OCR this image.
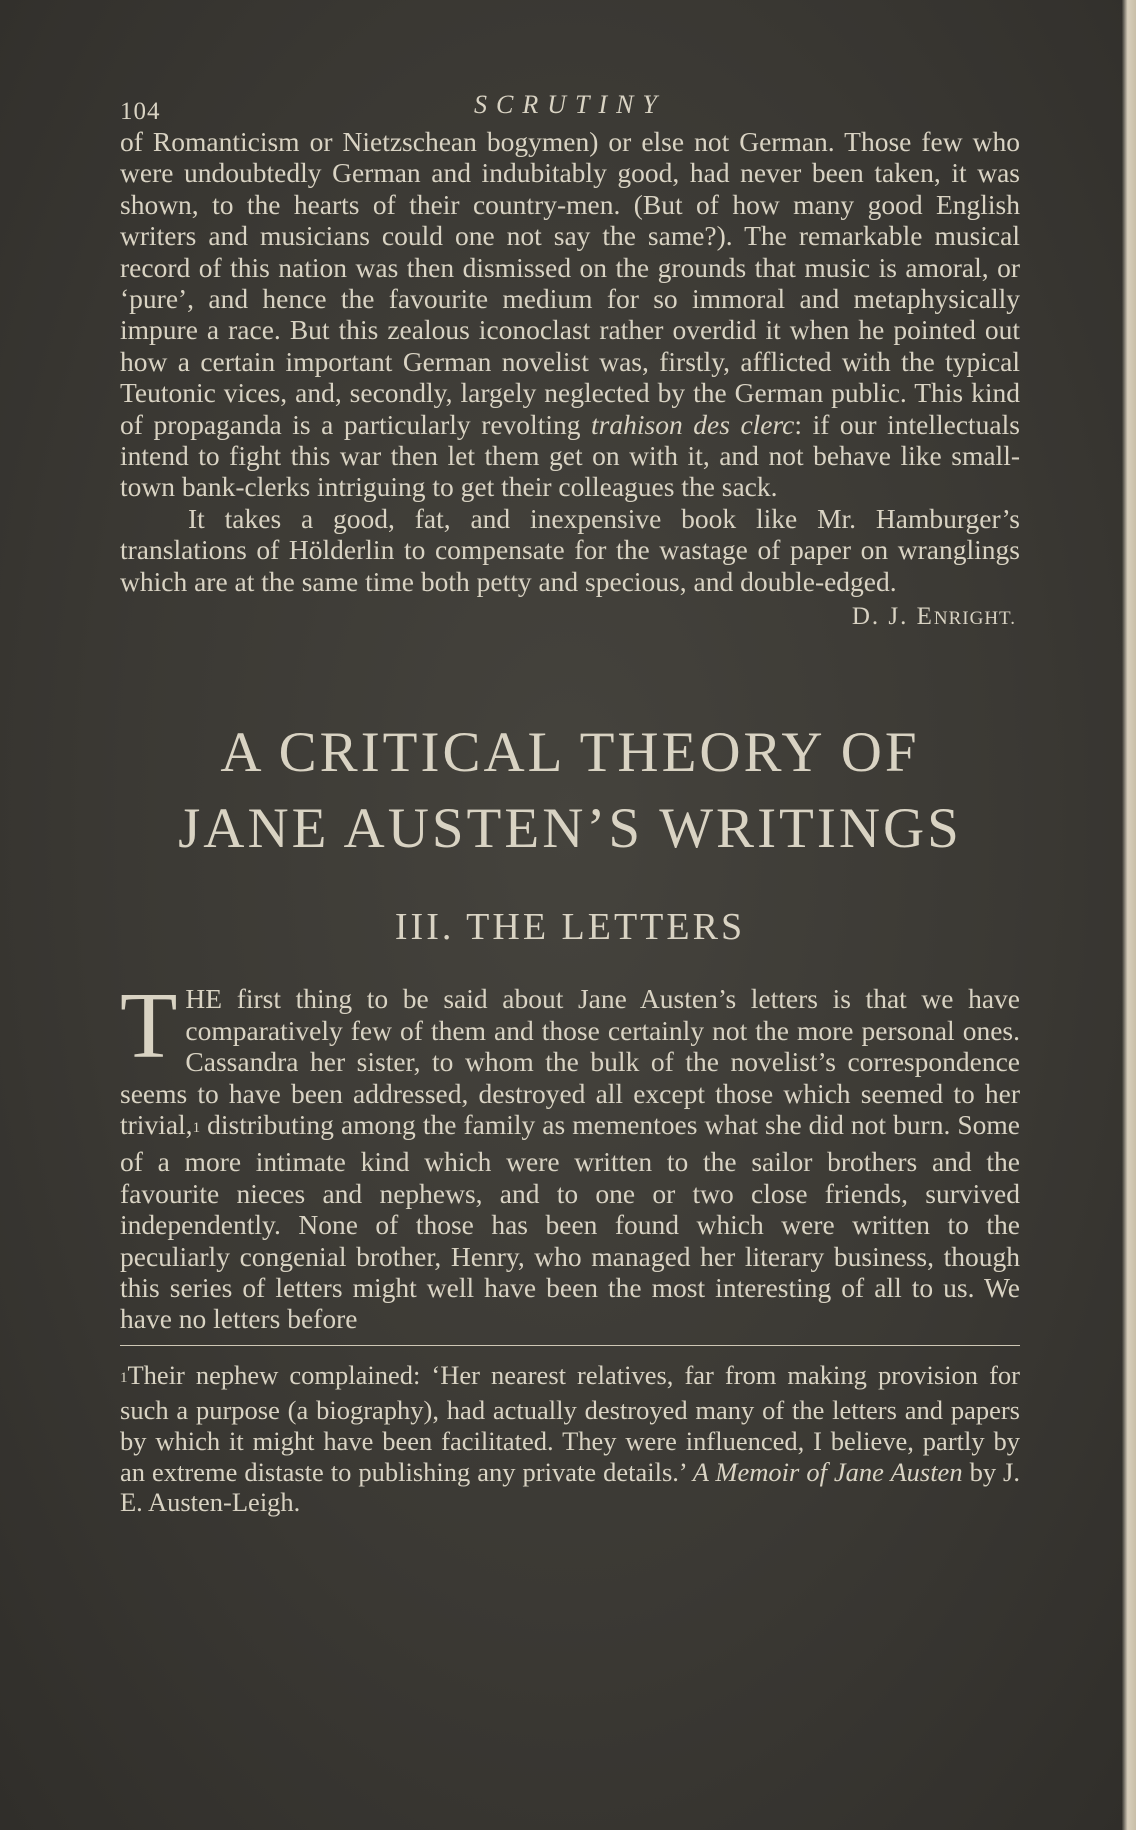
104	SCRUTINY

of Romanticism or Nietzschean bogymen) or else not German. Those few who were undoubtedly German and indubitably good, had never been taken, it was shown, to the hearts of their country-men. (But of how many good English writers and musicians could one not say the same?). The remarkable musical record of this nation was then dismissed on the grounds that music is amoral, or ‘pure’, and hence the favourite medium for so immoral and metaphysically impure a race. But this zealous iconoclast rather overdid it when he pointed out how a certain important German novelist was, firstly, afflicted with the typical Teutonic vices, and, secondly, largely neglected by the German public. This kind of propaganda is a particularly revolting trahison des clerc: if our intellectuals intend to fight this war then let them get on with it, and not behave like small-town bank-clerks intriguing to get their colleagues the sack.

It takes a good, fat, and inexpensive book like Mr. Hamburger’s translations of Hölderlin to compensate for the wastage of paper on wranglings which are at the same time both petty and specious, and double-edged.

D. J. ENRIGHT.
A CRITICAL THEORY OF
JANE AUSTEN’S WRITINGS
III. THE LETTERS

THE first thing to be said about Jane Austen’s letters is that we have comparatively few of them and those certainly not the more personal ones. Cassandra her sister, to whom the bulk of the novelist’s correspondence seems to have been addressed, destroyed all except those which seemed to her trivial,$^1$ distributing among the family as mementoes what she did not burn. Some of a more intimate kind which were written to the sailor brothers and the favourite nieces and nephews, and to one or two close friends, survived independently. None of those has been found which were written to the peculiarly congenial brother, Henry, who managed her literary business, though this series of letters might well have been the most interesting of all to us. We have no letters before

$^1$Their nephew complained: ‘Her nearest relatives, far from making provision for such a purpose (a biography), had actually destroyed many of the letters and papers by which it might have been facilitated. They were influenced, I believe, partly by an extreme distaste to publishing any private details.’ A Memoir of Jane Austen by J. E. Austen-Leigh.
